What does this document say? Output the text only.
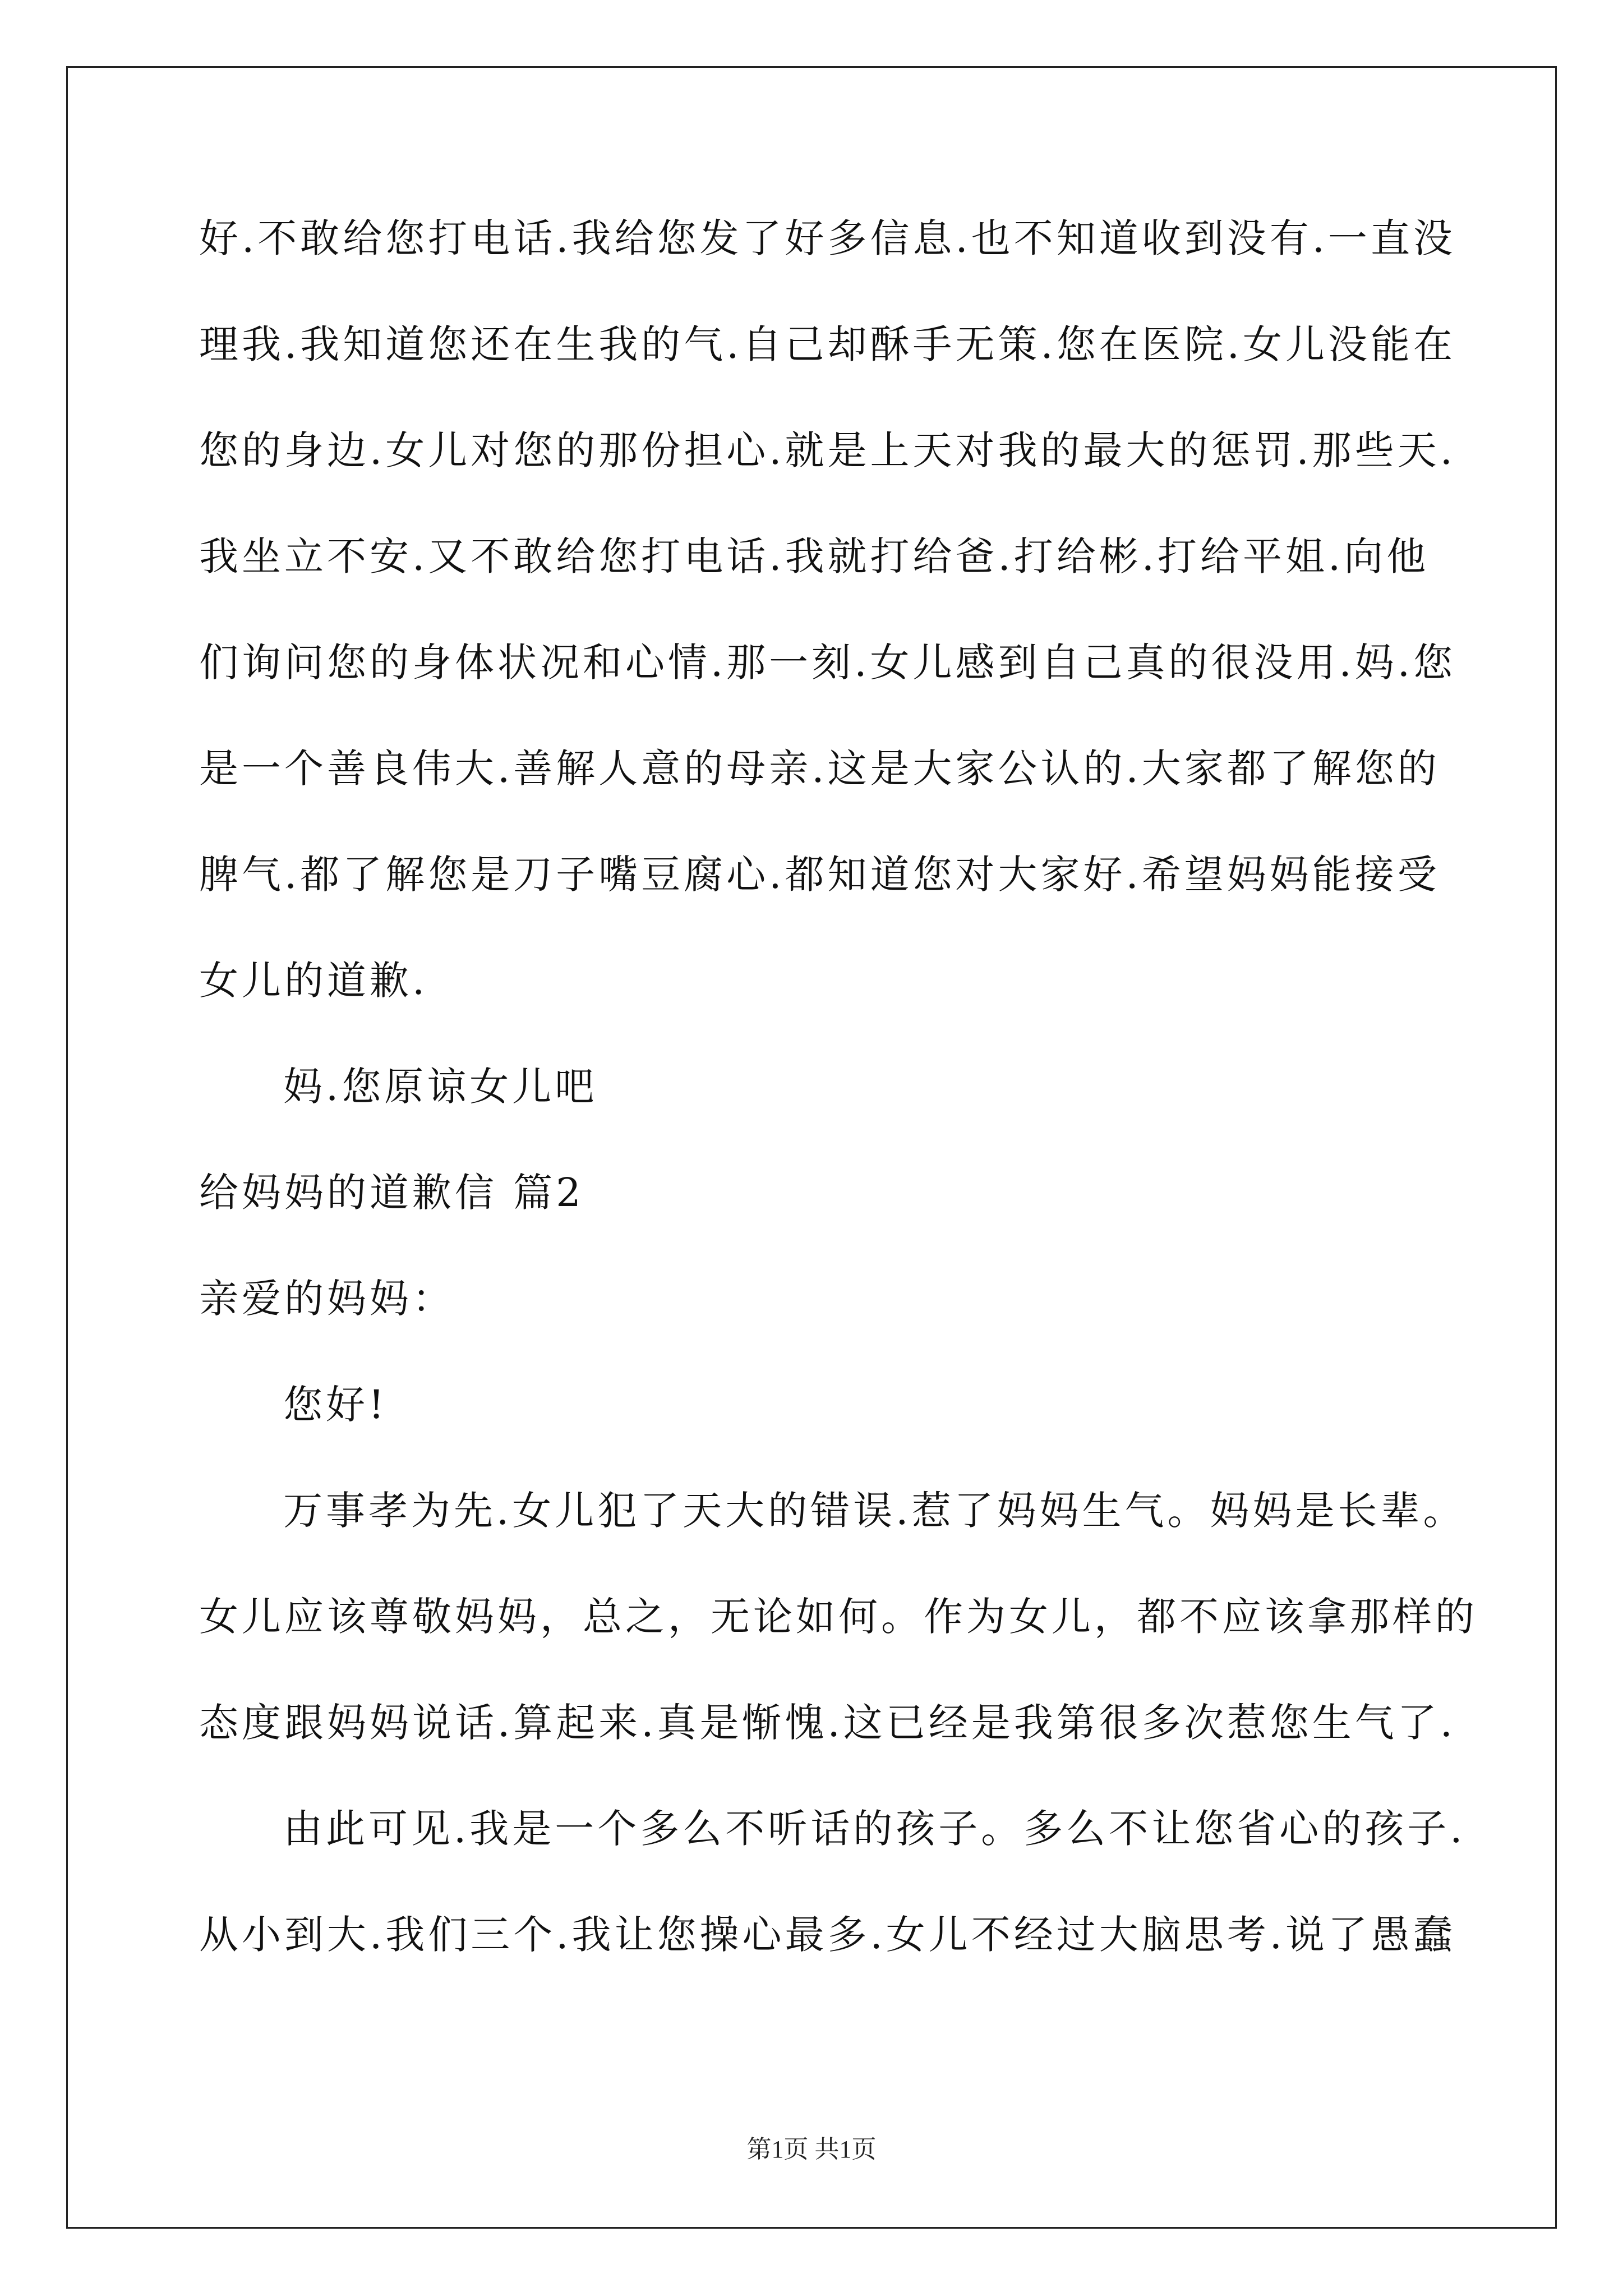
好.不敢给您打电话.我给您发了好多信息.也不知道收到没有.一直没
理我.我知道您还在生我的气.自己却酥手无策.您在医院.女儿没能在
您的身边.女儿对您的那份担心.就是上天对我的最大的惩罚.那些天.
我坐立不安.又不敢给您打电话.我就打给爸.打给彬.打给平姐.向他
们询问您的身体状况和心情.那一刻.女儿感到自己真的很没用.妈.您
是一个善良伟大.善解人意的母亲.这是大家公认的.大家都了解您的
脾气.都了解您是刀子嘴豆腐心.都知道您对大家好.希望妈妈能接受
女儿的道歉.
妈.您原谅女儿吧
给妈妈的道歉信 篇2
亲爱的妈妈：
您好!
万事孝为先.女儿犯了天大的错误.惹了妈妈生气。妈妈是长辈。
女儿应该尊敬妈妈，总之，无论如何。作为女儿，都不应该拿那样的
态度跟妈妈说话.算起来.真是惭愧.这已经是我第很多次惹您生气了.
由此可见.我是一个多么不听话的孩子。多么不让您省心的孩子.
从小到大.我们三个.我让您操心最多.女儿不经过大脑思考.说了愚蠢
第1页 共1页
